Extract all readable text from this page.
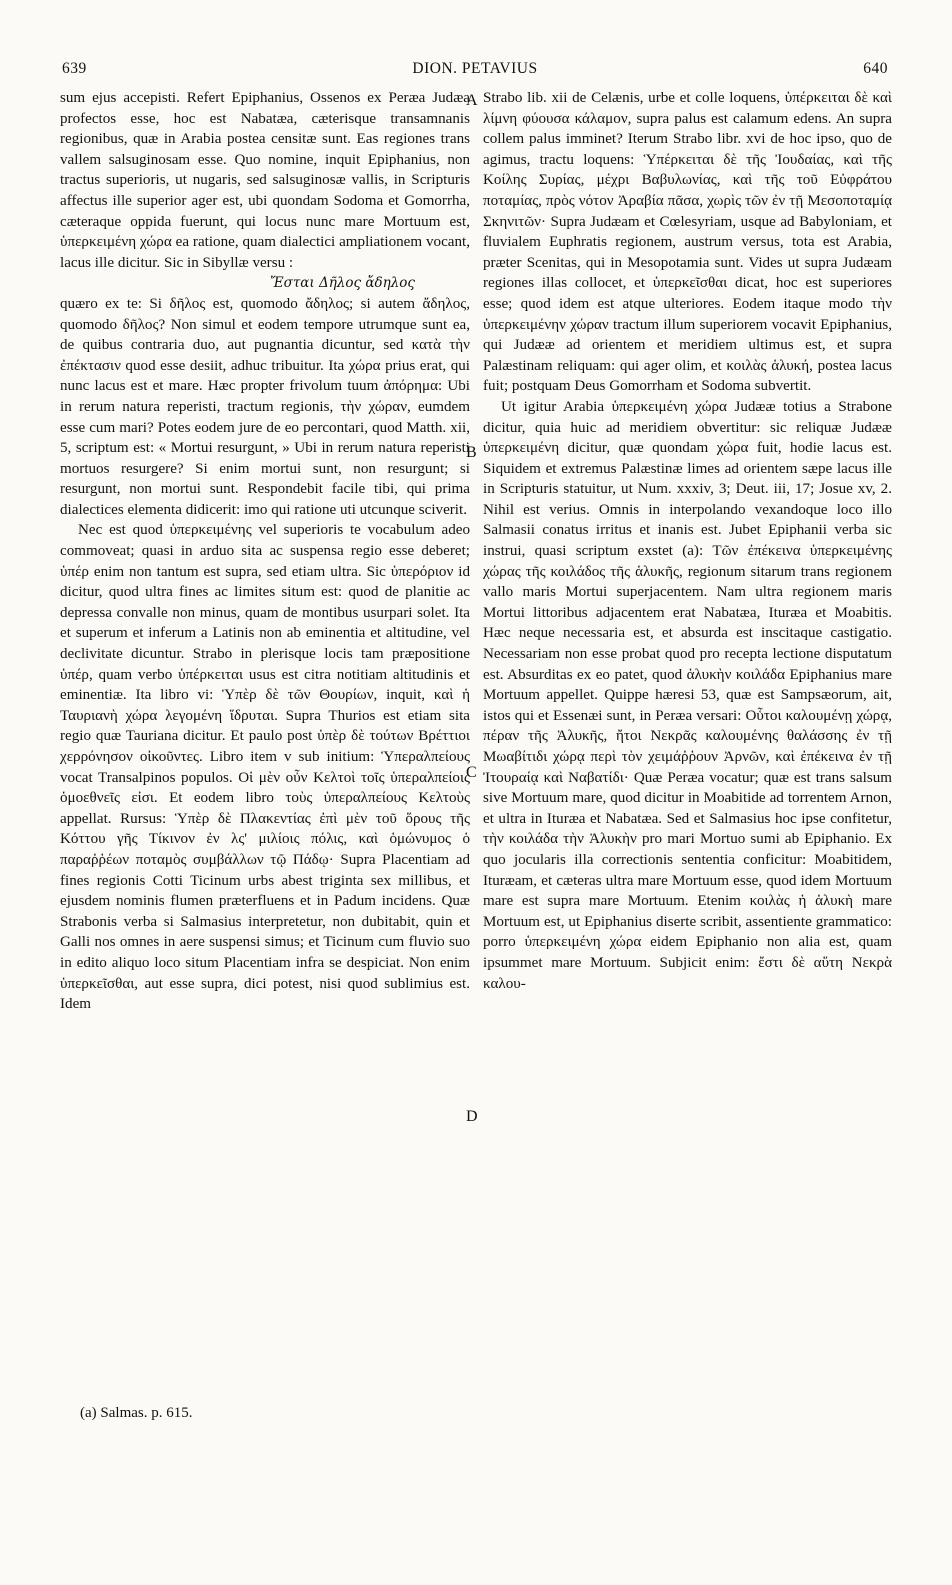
639	DION. PETAVIUS	640

sum ejus accepisti. Refert Epiphanius, Ossenos ex Peræa Judæa profectos esse, hoc est Nabatæa, cæterisque transamnanis regionibus, quæ in Arabia postea censitæ sunt. Eas regiones trans vallem salsuginosam esse. Quo nomine, inquit Epiphanius, non tractus superioris, ut nugaris, sed salsuginosæ vallis, in Scripturis affectus ille superior ager est, ubi quondam Sodoma et Gomorrha, cæteraque oppida fuerunt, qui locus nunc mare Mortuum est, ὑπερκειμένη χώρα ea ratione, quam dialectici ampliationem vocant, lacus ille dicitur. Sic in Sibyllæ versu :

Ἔσται Δῆλος ἄδηλος

quæro ex te: Si δῆλος est, quomodo ἄδηλος; si autem ἄδηλος, quomodo δῆλος? Non simul et eodem tempore utrumque sunt ea, de quibus contraria duo, aut pugnantia dicuntur, sed κατὰ τὴν ἐπέκτασιν quod esse desiit, adhuc tribuitur. Ita χώρα prius erat, qui nunc lacus est et mare. Hæc propter frivolum tuum ἀπόρημα: Ubi in rerum natura reperisti, tractum regionis, τὴν χώραν, eumdem esse cum mari? Potes eodem jure de eo percontari, quod Matth. xii, 5, scriptum est: « Mortui resurgunt, » Ubi in rerum natura reperisti mortuos resurgere? Si enim mortui sunt, non resurgunt; si resurgunt, non mortui sunt. Respondebit facile tibi, qui prima dialectices elementa didicerit: imo qui ratione uti utcunque sciverit.

Nec est quod ὑπερκειμένης vel superioris te vocabulum adeo commoveat; quasi in arduo sita ac suspensa regio esse deberet; ὑπέρ enim non tantum est supra, sed etiam ultra. Sic ὑπερόριον id dicitur, quod ultra fines ac limites situm est: quod de planitie ac depressa convalle non minus, quam de montibus usurpari solet. Ita et superum et inferum a Latinis non ab eminentia et altitudine, vel declivitate dicuntur. Strabo in plerisque locis tam præpositione ὑπέρ, quam verbo ὑπέρκειται usus est citra notitiam altitudinis et eminentiæ. Ita libro vi: Ὑπὲρ δὲ τῶν Θουρίων, inquit, καὶ ἡ Ταυριανὴ χώρα λεγομένη ἵδρυται. Supra Thurios est etiam sita regio quæ Tauriana dicitur. Et paulo post ὑπὲρ δὲ τούτων Βρέττιοι χερρόνησον οἰκοῦντες. Libro item v sub initium: Ὑπεραλπείους vocat Transalpinos populos. Οἱ μὲν οὖν Κελτοὶ τοῖς ὑπεραλπείοις ὁμοεθνεῖς εἰσι. Et eodem libro τοὺς ὑπεραλπείους Κελτοὺς appellat. Rursus: Ὑπὲρ δὲ Πλακεντίας ἐπὶ μὲν τοῦ ὅρους τῆς Κόττου γῆς Τίκινον ἐν λς' μιλίοις πόλις, καὶ ὁμώνυμος ὁ παραῤῥέων ποταμὸς συμβάλλων τῷ Πάδῳ· Supra Placentiam ad fines regionis Cotti Ticinum urbs abest triginta sex millibus, et ejusdem nominis flumen præterfluens et in Padum incidens. Quæ Strabonis verba si Salmasius interpretetur, non dubitabit, quin et Galli nos omnes in aere suspensi simus; et Ticinum cum fluvio suo in edito aliquo loco situm Placentiam infra se despiciat. Non enim ὑπερκεῖσθαι, aut esse supra, dici potest, nisi quod sublimius est. Idem

Strabo lib. xii de Celænis, urbe et colle loquens, ὑπέρκειται δὲ καὶ λίμνη φύουσα κάλαμον, supra palus est calamum edens. An supra collem palus imminet? Iterum Strabo libr. xvi de hoc ipso, quo de agimus, tractu loquens: Ὑπέρκειται δὲ τῆς Ἰουδαίας, καὶ τῆς Κοίλης Συρίας, μέχρι Βαβυλωνίας, καὶ τῆς τοῦ Εὐφράτου ποταμίας, πρὸς νότον Ἀραβία πᾶσα, χωρὶς τῶν ἐν τῇ Μεσοποταμίᾳ Σκηνιτῶν· Supra Judæam et Cœlesyriam, usque ad Babyloniam, et fluvialem Euphratis regionem, austrum versus, tota est Arabia, præter Scenitas, qui in Mesopotamia sunt. Vides ut supra Judæam regiones illas collocet, et ὑπερκεῖσθαι dicat, hoc est superiores esse; quod idem est atque ulteriores. Eodem itaque modo τὴν ὑπερκειμένην χώραν tractum illum superiorem vocavit Epiphanius, qui Judææ ad orientem et meridiem ultimus est, et supra Palæstinam reliquam: qui ager olim, et κοιλὰς ἁλυκή, postea lacus fuit; postquam Deus Gomorrham et Sodoma subvertit.

Ut igitur Arabia ὑπερκειμένη χώρα Judææ totius a Strabone dicitur, quia huic ad meridiem obvertitur: sic reliquæ Judææ ὑπερκειμένη dicitur, quæ quondam χώρα fuit, hodie lacus est. Siquidem et extremus Palæstinæ limes ad orientem sæpe lacus ille in Scripturis statuitur, ut Num. xxxiv, 3; Deut. iii, 17; Josue xv, 2. Nihil est verius. Omnis in interpolando vexandoque loco illo Salmasii conatus irritus et inanis est. Jubet Epiphanii verba sic instrui, quasi scriptum exstet (a): Τῶν ἐπέκεινα ὑπερκειμένης χώρας τῆς κοιλάδος τῆς ἁλυκῆς, regionum sitarum trans regionem vallo maris Mortui superjacentem. Nam ultra regionem maris Mortui littoribus adjacentem erat Nabatæa, Ituræa et Moabitis. Hæc neque necessaria est, et absurda est inscitaque castigatio. Necessariam non esse probat quod pro recepta lectione disputatum est. Absurditas ex eo patet, quod ἁλυκὴν κοιλάδα Epiphanius mare Mortuum appellet. Quippe hæresi 53, quæ est Sampsæorum, ait, istos qui et Essenæi sunt, in Peræa versari: Οὗτοι καλουμένῃ χώρᾳ, πέραν τῆς Ἁλυκῆς, ἤτοι Νεκρᾶς καλουμένης θαλάσσης ἐν τῇ Μωαβίτιδι χώρᾳ περὶ τὸν χειμάῤῥουν Ἀρνῶν, καὶ ἐπέκεινα ἐν τῇ Ἰτουραίᾳ καὶ Ναβατίδι· Quæ Peræa vocatur; quæ est trans salsum sive Mortuum mare, quod dicitur in Moabitide ad torrentem Arnon, et ultra in Ituræa et Nabatæa. Sed et Salmasius hoc ipse confitetur, τὴν κοιλάδα τὴν Ἁλυκὴν pro mari Mortuo sumi ab Epiphanio. Ex quo jocularis illa correctionis sententia conficitur: Moabitidem, Ituræam, et cæteras ultra mare Mortuum esse, quod idem Mortuum mare est supra mare Mortuum. Etenim κοιλὰς ἡ ἁλυκὴ mare Mortuum est, ut Epiphanius diserte scribit, assentiente grammatico: porro ὑπερκειμένη χώρα eidem Epiphanio non alia est, quam ipsummet mare Mortuum. Subjicit enim: ἔστι δὲ αὕτη Νεκρὰ καλου-

A
B
C
D
(a) Salmas. p. 615.
